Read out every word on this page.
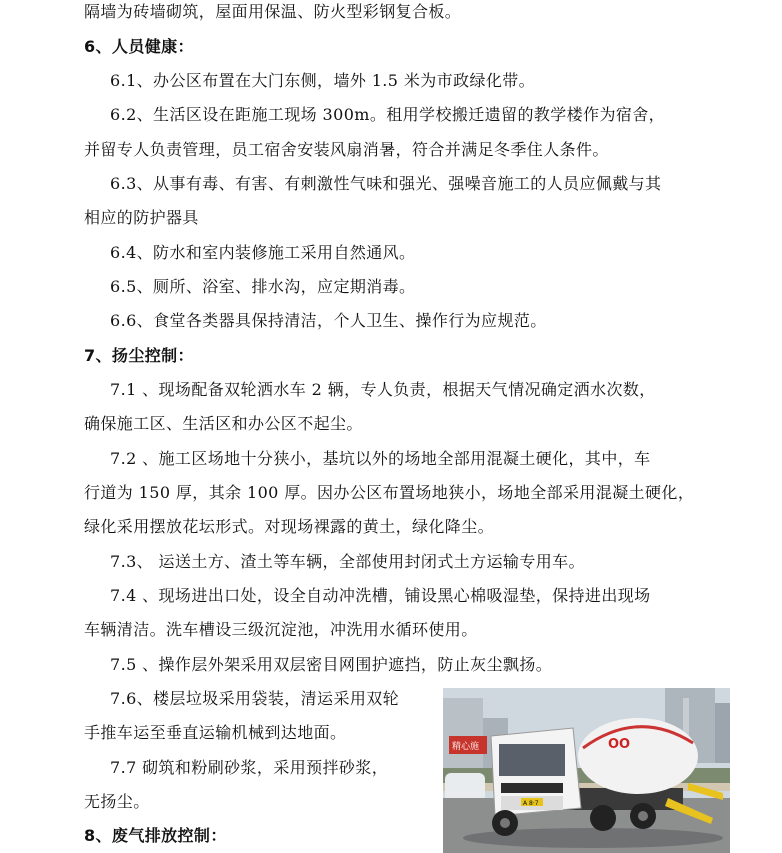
隔墙为砖墙砌筑，屋面用保温、防火型彩钢复合板。
6、人员健康：
6.1、办公区布置在大门东侧，墙外 1.5 米为市政绿化带。
6.2、生活区设在距施工现场 300m。租用学校搬迁遗留的教学楼作为宿舍，
并留专人负责管理，员工宿舍安装风扇消暑，符合并满足冬季住人条件。
6.3、从事有毒、有害、有刺激性气味和强光、强噪音施工的人员应佩戴与其
相应的防护器具
6.4、防水和室内装修施工采用自然通风。
6.5、厕所、浴室、排水沟，应定期消毒。
6.6、食堂各类器具保持清洁，个人卫生、操作行为应规范。
7、扬尘控制：
7.1 、现场配备双轮洒水车 2 辆，专人负责，根据天气情况确定洒水次数，
确保施工区、生活区和办公区不起尘。
7.2 、施工区场地十分狭小，基坑以外的场地全部用混凝土硬化，其中，车
行道为 150 厚，其余 100 厚。因办公区布置场地狭小，场地全部采用混凝土硬化，
绿化采用摆放花坛形式。对现场裸露的黄土，绿化降尘。
7.3、 运送土方、渣土等车辆，全部使用封闭式土方运输专用车。
7.4 、现场进出口处，设全自动冲洗槽，铺设黑心棉吸湿垫，保持进出现场
车辆清洁。洗车槽设三级沉淀池，冲洗用水循环使用。
7.5 、操作层外架采用双层密目网围护遮挡，防止灰尘飘扬。
7.6、楼层垃圾采用袋装，清运采用双轮
手推车运至垂直运输机械到达地面。
7.7 砌筑和粉刷砂浆，采用预拌砂浆，
无扬尘。
8、废气排放控制：
精心施	OO
A 8·7
